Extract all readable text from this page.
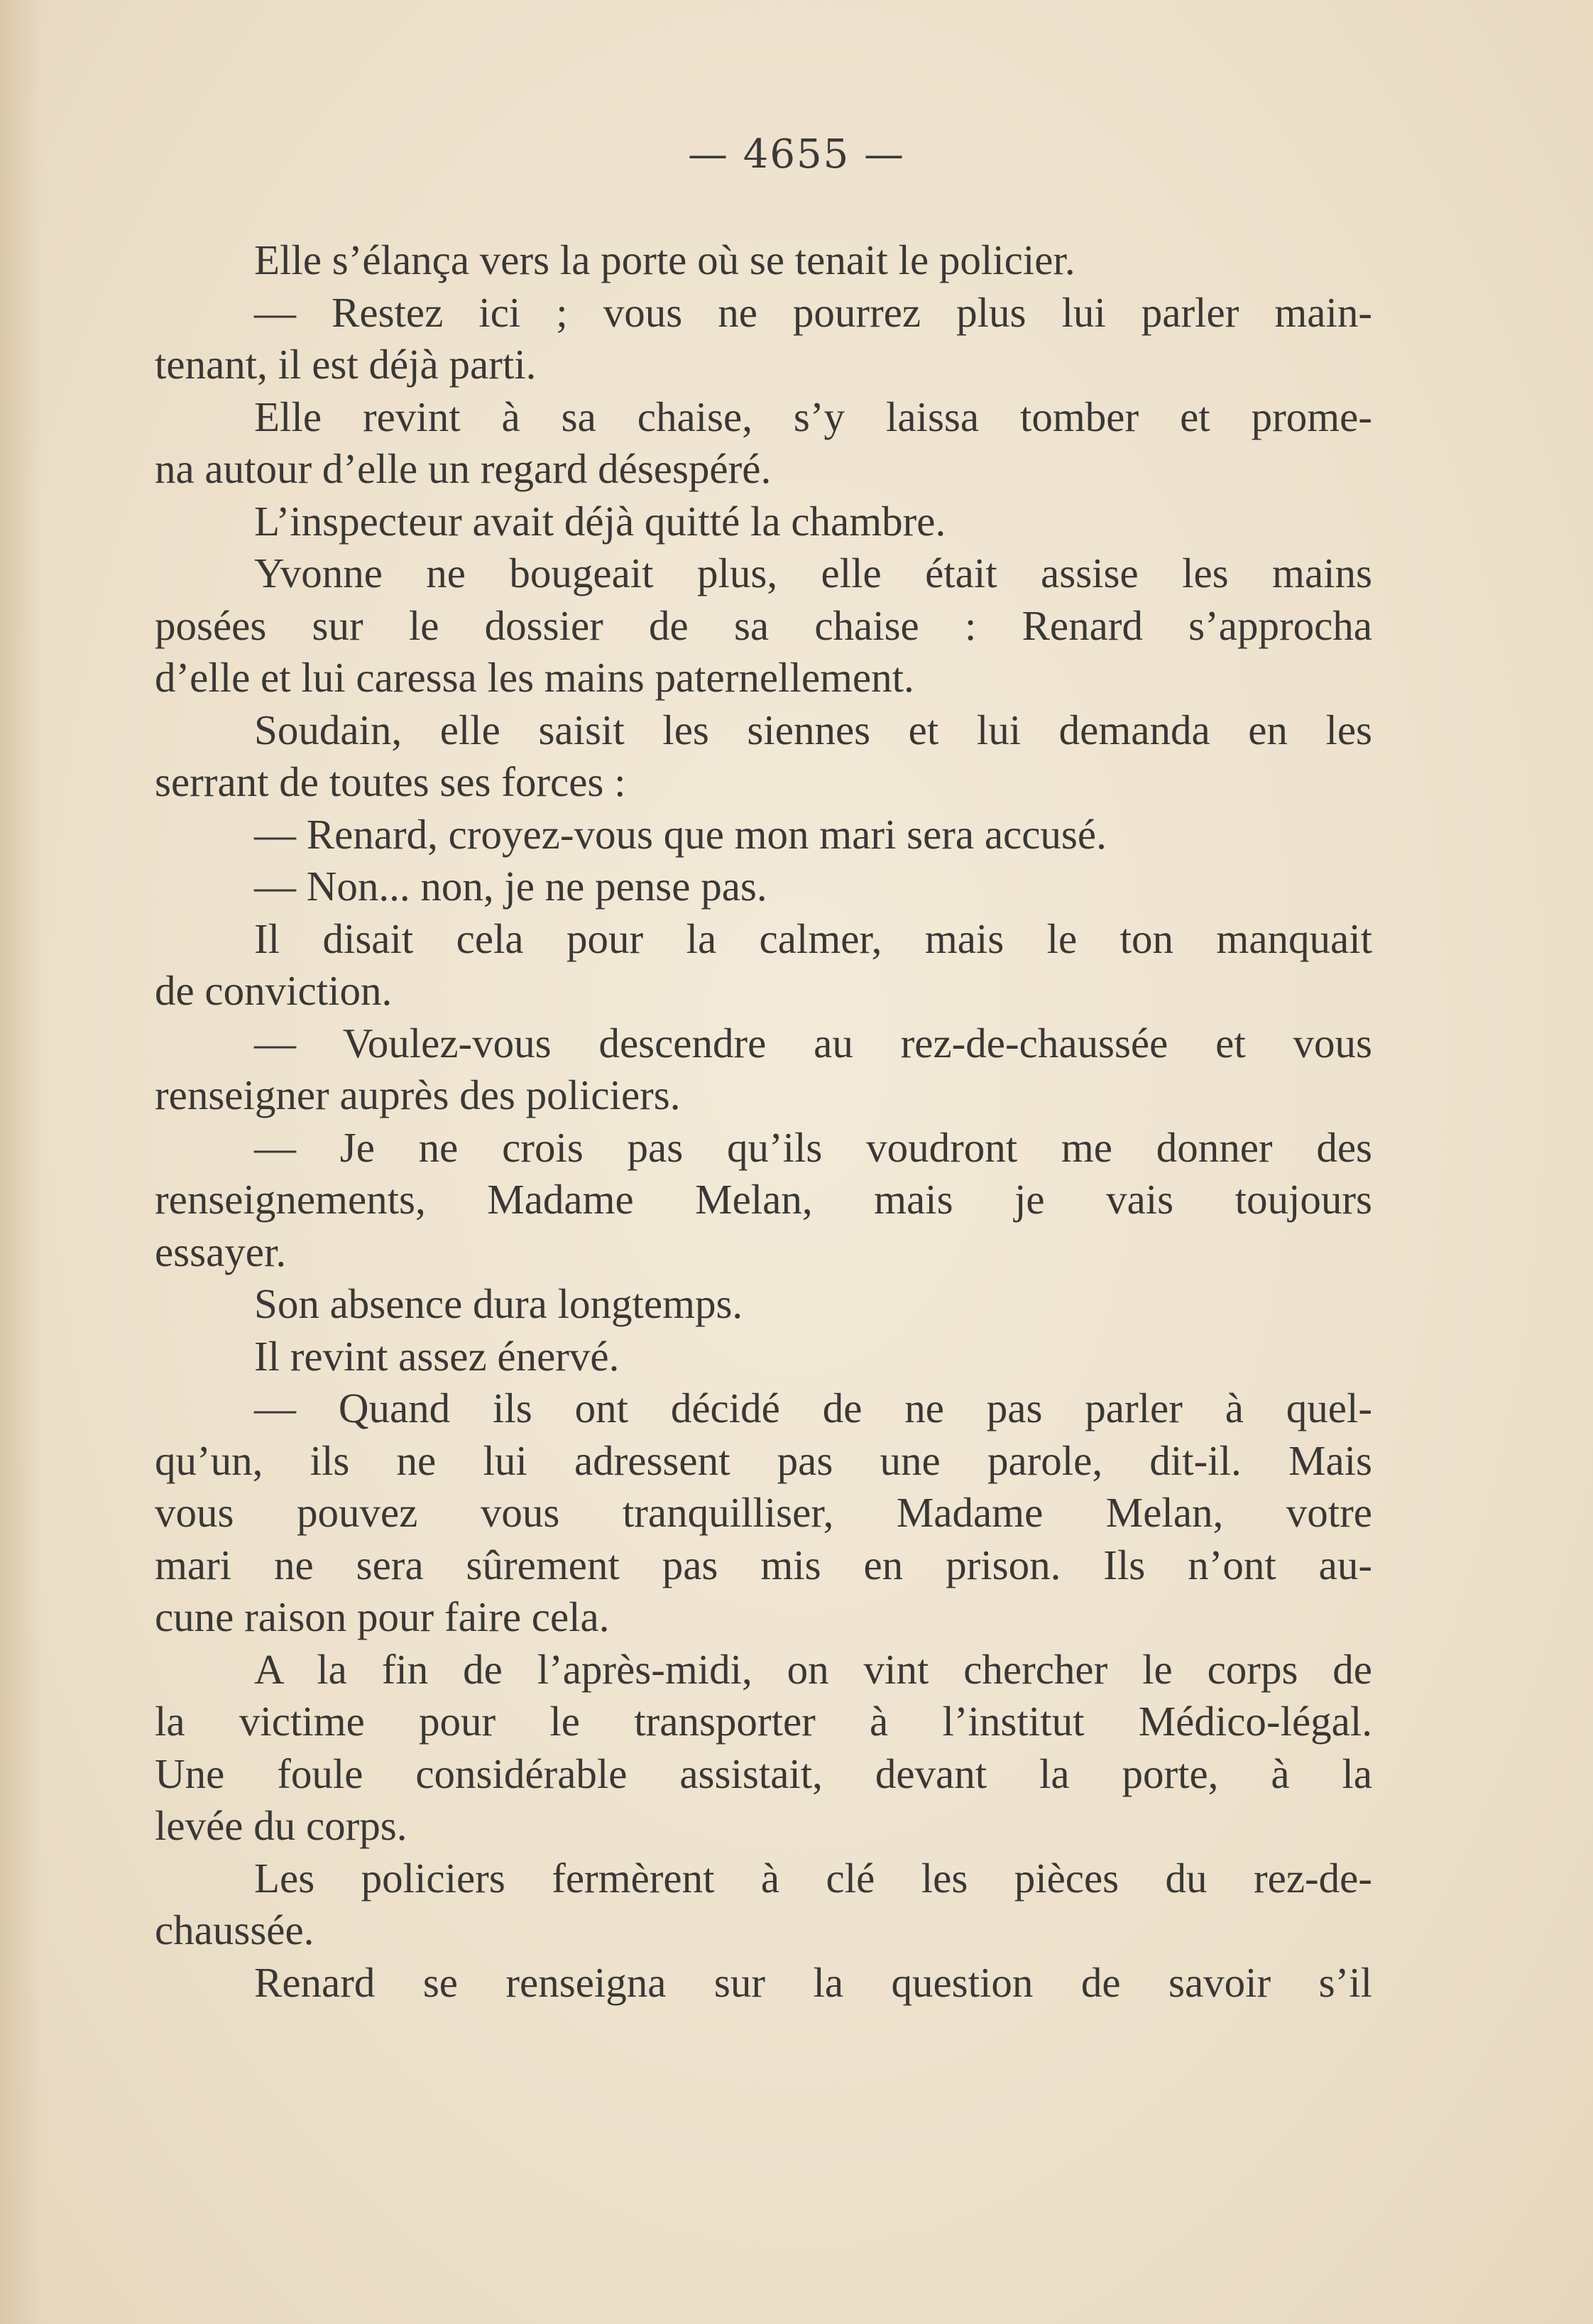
— 4655 —

Elle s’élança vers la porte où se tenait le policier.
— Restez ici ; vous ne pourrez plus lui parler main-
tenant, il est déjà parti.
Elle revint à sa chaise, s’y laissa tomber et prome-
na autour d’elle un regard désespéré.
L’inspecteur avait déjà quitté la chambre.
Yvonne ne bougeait plus, elle était assise les mains
posées sur le dossier de sa chaise : Renard s’approcha
d’elle et lui caressa les mains paternellement.
Soudain, elle saisit les siennes et lui demanda en les
serrant de toutes ses forces :
— Renard, croyez-vous que mon mari sera accusé.
— Non... non, je ne pense pas.
Il disait cela pour la calmer, mais le ton manquait
de conviction.
— Voulez-vous descendre au rez-de-chaussée et vous
renseigner auprès des policiers.
— Je ne crois pas qu’ils voudront me donner des
renseignements, Madame Melan, mais je vais toujours
essayer.
Son absence dura longtemps.
Il revint assez énervé.
— Quand ils ont décidé de ne pas parler à quel-
qu’un, ils ne lui adressent pas une parole, dit-il. Mais
vous pouvez vous tranquilliser, Madame Melan, votre
mari ne sera sûrement pas mis en prison. Ils n’ont au-
cune raison pour faire cela.
A la fin de l’après-midi, on vint chercher le corps de
la victime pour le transporter à l’institut Médico-légal.
Une foule considérable assistait, devant la porte, à la
levée du corps.
Les policiers fermèrent à clé les pièces du rez-de-
chaussée.
Renard se renseigna sur la question de savoir s’il
